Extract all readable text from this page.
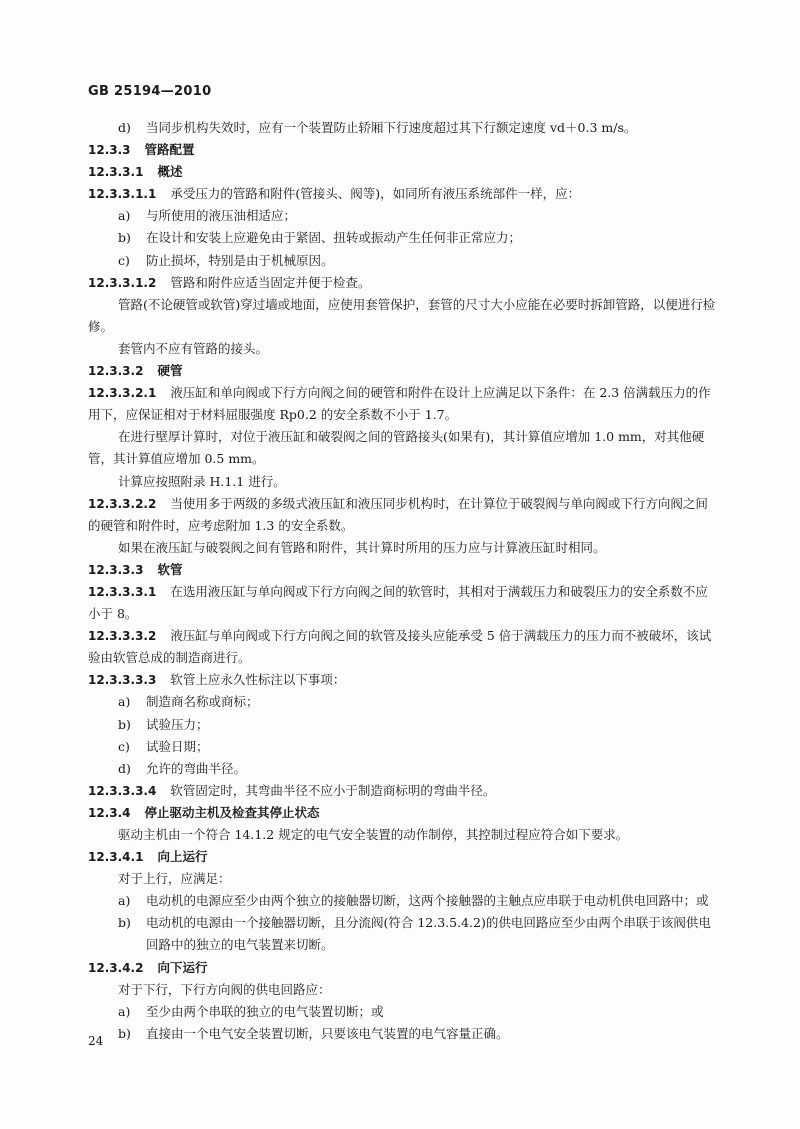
GB 25194—2010
d) 当同步机构失效时，应有一个装置防止轿厢下行速度超过其下行额定速度 vd＋0.3 m/s。
12.3.3 管路配置
12.3.3.1 概述
12.3.3.1.1 承受压力的管路和附件(管接头、阀等)，如同所有液压系统部件一样，应：
a) 与所使用的液压油相适应；
b) 在设计和安装上应避免由于紧固、扭转或振动产生任何非正常应力；
c) 防止损坏，特别是由于机械原因。
12.3.3.1.2 管路和附件应适当固定并便于检查。
管路(不论硬管或软管)穿过墙或地面，应使用套管保护，套管的尺寸大小应能在必要时拆卸管路，以便进行检修。
套管内不应有管路的接头。
12.3.3.2 硬管
12.3.3.2.1 液压缸和单向阀或下行方向阀之间的硬管和附件在设计上应满足以下条件：在 2.3 倍满载压力的作用下，应保证相对于材料屈服强度 Rp0.2 的安全系数不小于 1.7。
在进行壁厚计算时，对位于液压缸和破裂阀之间的管路接头(如果有)，其计算值应增加 1.0 mm，对其他硬管，其计算值应增加 0.5 mm。
计算应按照附录 H.1.1 进行。
12.3.3.2.2 当使用多于两级的多级式液压缸和液压同步机构时，在计算位于破裂阀与单向阀或下行方向阀之间的硬管和附件时，应考虑附加 1.3 的安全系数。
如果在液压缸与破裂阀之间有管路和附件，其计算时所用的压力应与计算液压缸时相同。
12.3.3.3 软管
12.3.3.3.1 在选用液压缸与单向阀或下行方向阀之间的软管时，其相对于满载压力和破裂压力的安全系数不应小于 8。
12.3.3.3.2 液压缸与单向阀或下行方向阀之间的软管及接头应能承受 5 倍于满载压力的压力而不被破坏，该试验由软管总成的制造商进行。
12.3.3.3.3 软管上应永久性标注以下事项：
a) 制造商名称或商标；
b) 试验压力；
c) 试验日期；
d) 允许的弯曲半径。
12.3.3.3.4 软管固定时，其弯曲半径不应小于制造商标明的弯曲半径。
12.3.4 停止驱动主机及检查其停止状态
驱动主机由一个符合 14.1.2 规定的电气安全装置的动作制停，其控制过程应符合如下要求。
12.3.4.1 向上运行
对于上行，应满足：
a) 电动机的电源应至少由两个独立的接触器切断，这两个接触器的主触点应串联于电动机供电回路中；或
b) 电动机的电源由一个接触器切断，且分流阀(符合 12.3.5.4.2)的供电回路应至少由两个串联于该阀供电回路中的独立的电气装置来切断。
12.3.4.2 向下运行
对于下行，下行方向阀的供电回路应：
a) 至少由两个串联的独立的电气装置切断；或
b) 直接由一个电气安全装置切断，只要该电气装置的电气容量正确。
24
